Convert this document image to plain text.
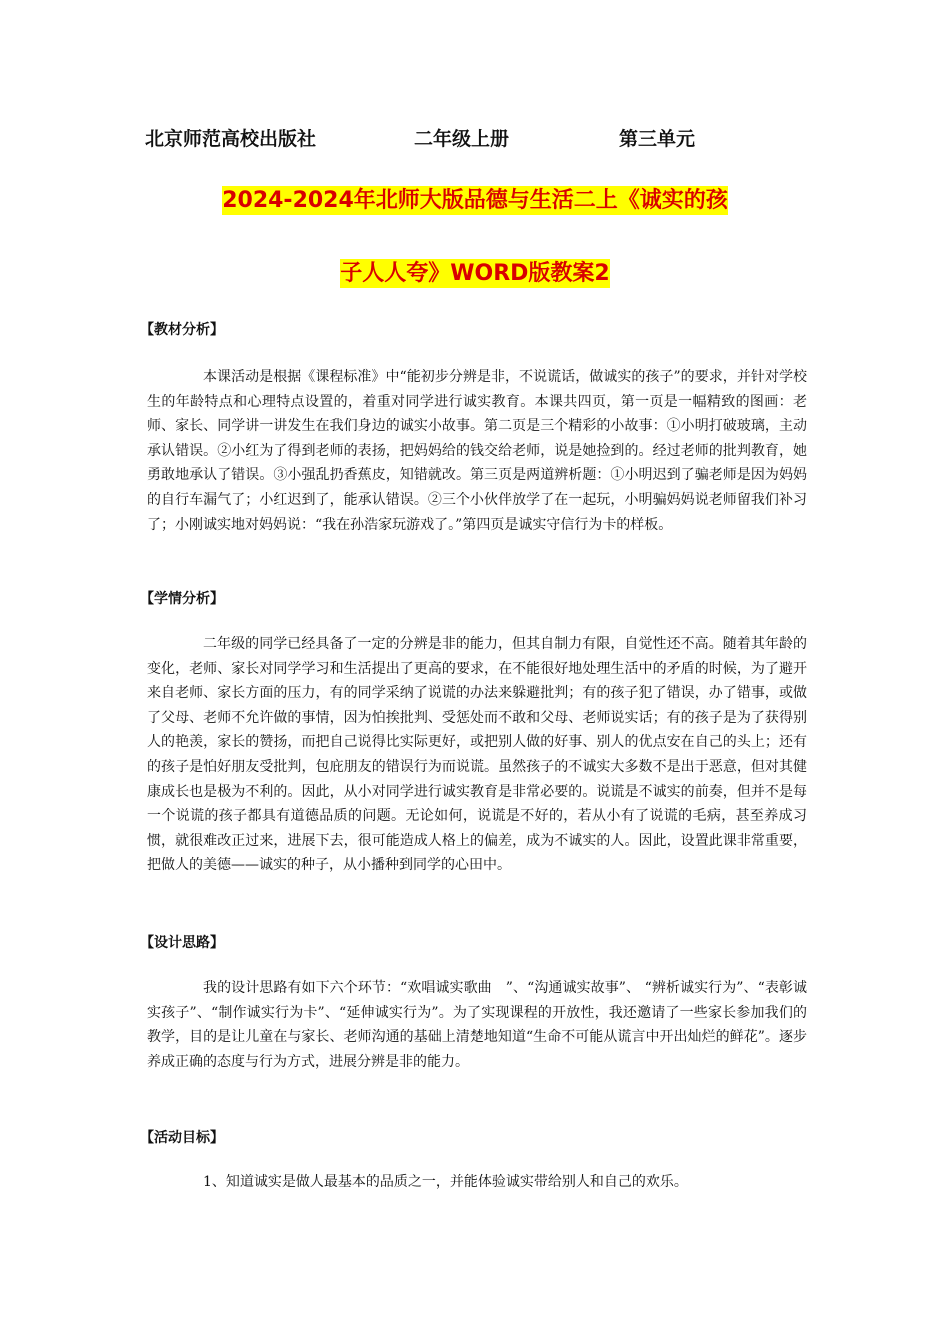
北京师范高校出版社	二年级上册	第三单元
2024-2024年北师大版品德与生活二上《诚实的孩
子人人夸》WORD版教案2
【教材分析】
本课活动是根据《课程标准》中“能初步分辨是非，不说谎话，做诚实的孩子”的要求，并针对学校生的年龄特点和心理特点设置的，着重对同学进行诚实教育。本课共四页，第一页是一幅精致的图画：老师、家长、同学讲一讲发生在我们身边的诚实小故事。第二页是三个精彩的小故事：①小明打破玻璃，主动承认错误。②小红为了得到老师的表扬，把妈妈给的钱交给老师，说是她捡到的。经过老师的批判教育，她勇敢地承认了错误。③小强乱扔香蕉皮，知错就改。第三页是两道辨析题：①小明迟到了骗老师是因为妈妈的自行车漏气了；小红迟到了，能承认错误。②三个小伙伴放学了在一起玩，小明骗妈妈说老师留我们补习了；小刚诚实地对妈妈说：“我在孙浩家玩游戏了。”第四页是诚实守信行为卡的样板。
【学情分析】
二年级的同学已经具备了一定的分辨是非的能力，但其自制力有限，自觉性还不高。随着其年龄的变化，老师、家长对同学学习和生活提出了更高的要求，在不能很好地处理生活中的矛盾的时候，为了避开来自老师、家长方面的压力，有的同学采纳了说谎的办法来躲避批判；有的孩子犯了错误，办了错事，或做了父母、老师不允许做的事情，因为怕挨批判、受惩处而不敢和父母、老师说实话；有的孩子是为了获得别人的艳羡，家长的赞扬，而把自己说得比实际更好，或把别人做的好事、别人的优点安在自己的头上；还有的孩子是怕好朋友受批判，包庇朋友的错误行为而说谎。虽然孩子的不诚实大多数不是出于恶意，但对其健康成长也是极为不利的。因此，从小对同学进行诚实教育是非常必要的。说谎是不诚实的前奏，但并不是每一个说谎的孩子都具有道德品质的问题。无论如何，说谎是不好的，若从小有了说谎的毛病，甚至养成习惯，就很难改正过来，进展下去，很可能造成人格上的偏差，成为不诚实的人。因此，设置此课非常重要，把做人的美德——诚实的种子，从小播种到同学的心田中。
【设计思路】
我的设计思路有如下六个环节：“欢唱诚实歌曲　”、“沟通诚实故事”、 “辨析诚实行为”、“表彰诚实孩子”、“制作诚实行为卡”、“延伸诚实行为”。为了实现课程的开放性，我还邀请了一些家长参加我们的教学，目的是让儿童在与家长、老师沟通的基础上清楚地知道“生命不可能从谎言中开出灿烂的鲜花”。逐步养成正确的态度与行为方式，进展分辨是非的能力。
【活动目标】
1、知道诚实是做人最基本的品质之一，并能体验诚实带给别人和自己的欢乐。
